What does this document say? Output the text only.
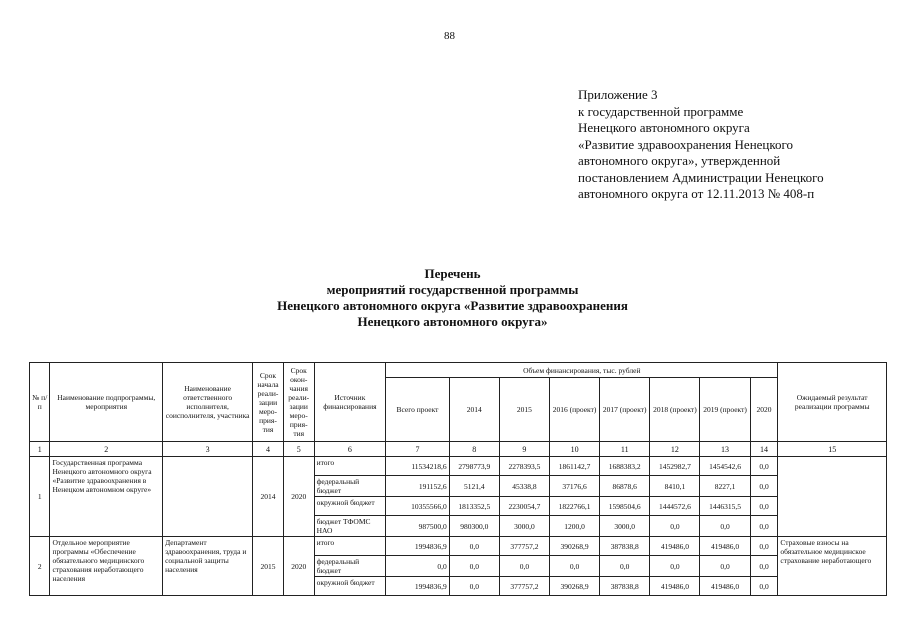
88
Приложение 3
к государственной программе
Ненецкого автономного округа
«Развитие здравоохранения Ненецкого
автономного округа», утвержденной
постановлением Администрации Ненецкого
автономного округа от 12.11.2013 № 408-п
Перечень
мероприятий государственной программы
Ненецкого автономного округа «Развитие здравоохранения
Ненецкого автономного округа»
№ п/п	Наименование подпрограммы, мероприятия	Наименование ответственного исполнителя, соисполнителя, участника	Срок начала реали-зации меро-прия-тия	Срок окон-чания реали-зации меро-прия-тия	Источник финансирования	Объем финансирования, тыс. рублей								Ожидаемый результат реализации программы
						Всего проект	2014	2015	2016 (проект)	2017 (проект)	2018 (проект)	2019 (проект)	2020	
1	2	3	4	5	6	7	8	9	10	11	12	13	14	15
1	Государственная программа Ненецкого автономного округа «Развитие здравоохранения в Ненецком автономном округе»		2014	2020	итого	11534218,6	2798773,9	2278393,5	1861142,7	1688383,2	1452982,7	1454542,6	0,0	
					федеральный бюджет	191152,6	5121,4	45338,8	37176,6	86878,6	8410,1	8227,1	0,0	
					окружной бюджет	10355566,0	1813352,5	2230054,7	1822766,1	1598504,6	1444572,6	1446315,5	0,0	
					бюджет ТФОМС НАО	987500,0	980300,0	3000,0	1200,0	3000,0	0,0	0,0	0,0	
2	Отдельное мероприятие программы «Обеспечение обязательного медицинского страхования неработающего населения	Департамент здравоохранения, труда и социальной защиты населения	2015	2020	итого	1994836,9	0,0	377757,2	390268,9	387838,8	419486,0	419486,0	0,0	Страховые взносы на обязательное медицинское страхование неработающего
					федеральный бюджет	0,0	0,0	0,0	0,0	0,0	0,0	0,0	0,0	
					окружной бюджет	1994836,9	0,0	377757,2	390268,9	387838,8	419486,0	419486,0	0,0	
